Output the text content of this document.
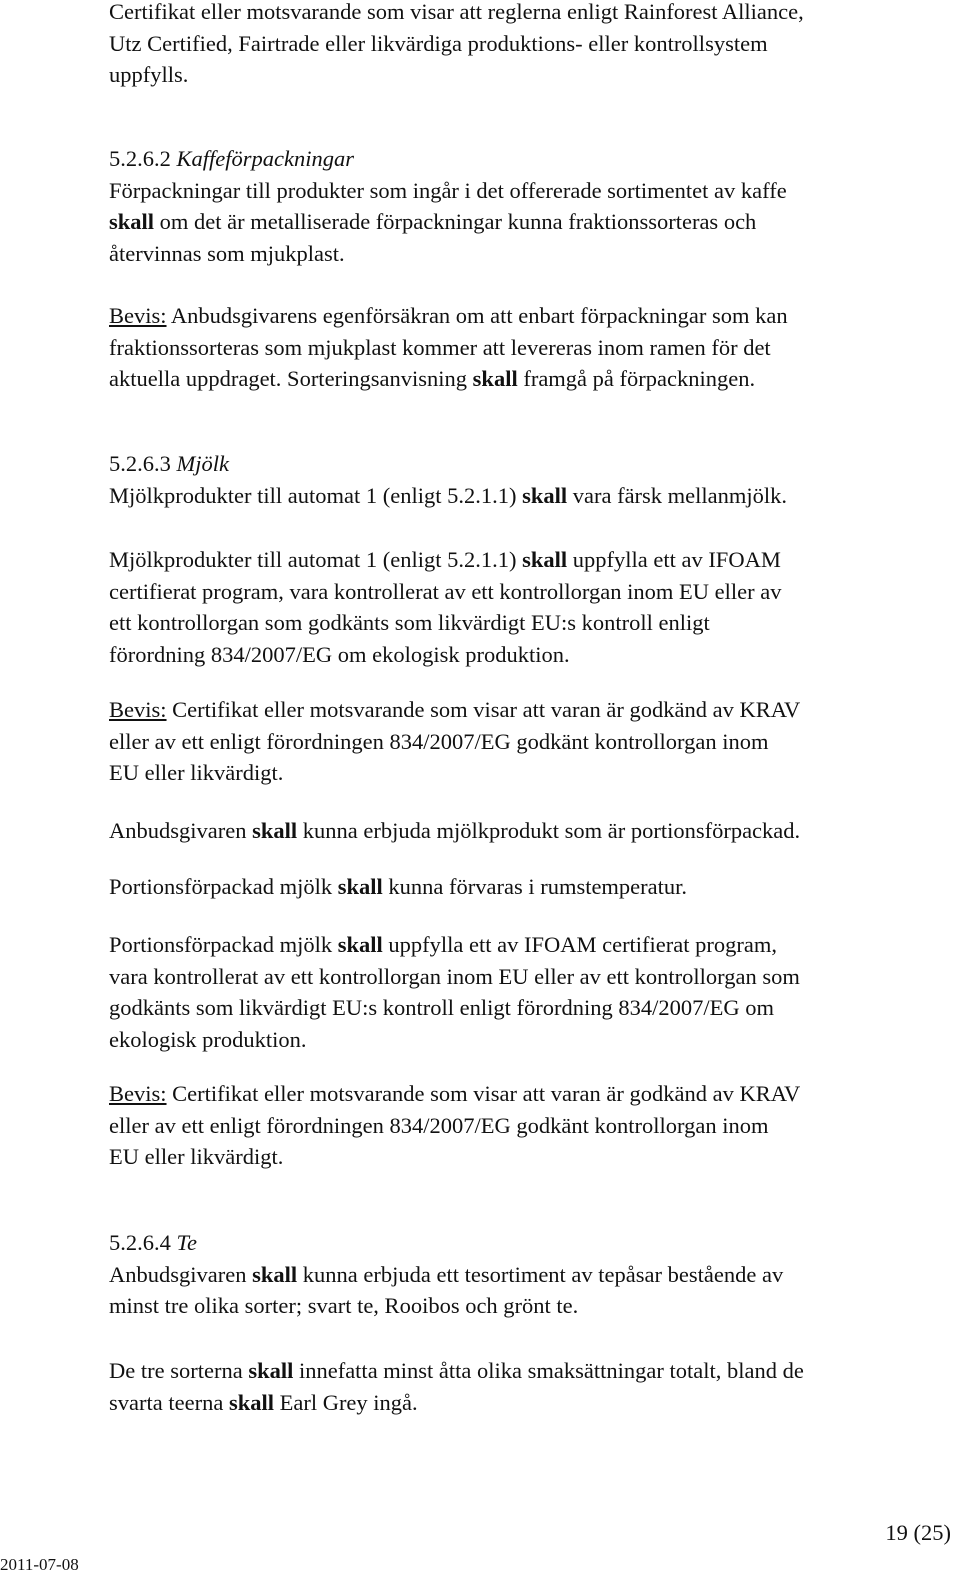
Certifikat eller motsvarande som visar att reglerna enligt Rainforest Alliance,
Utz Certified, Fairtrade eller likvärdiga produktions- eller kontrollsystem
uppfylls.
5.2.6.2 Kaffeförpackningar
Förpackningar till produkter som ingår i det offererade sortimentet av kaffe
skall om det är metalliserade förpackningar kunna fraktionssorteras och
återvinnas som mjukplast.
Bevis: Anbudsgivarens egenförsäkran om att enbart förpackningar som kan
fraktionssorteras som mjukplast kommer att levereras inom ramen för det
aktuella uppdraget. Sorteringsanvisning skall framgå på förpackningen.
5.2.6.3 Mjölk
Mjölkprodukter till automat 1 (enligt 5.2.1.1) skall vara färsk mellanmjölk.
Mjölkprodukter till automat 1 (enligt 5.2.1.1) skall uppfylla ett av IFOAM
certifierat program, vara kontrollerat av ett kontrollorgan inom EU eller av
ett kontrollorgan som godkänts som likvärdigt EU:s kontroll enligt
förordning 834/2007/EG om ekologisk produktion.
Bevis: Certifikat eller motsvarande som visar att varan är godkänd av KRAV
eller av ett enligt förordningen 834/2007/EG godkänt kontrollorgan inom
EU eller likvärdigt.
Anbudsgivaren skall kunna erbjuda mjölkprodukt som är portionsförpackad.
Portionsförpackad mjölk skall kunna förvaras i rumstemperatur.
Portionsförpackad mjölk skall uppfylla ett av IFOAM certifierat program,
vara kontrollerat av ett kontrollorgan inom EU eller av ett kontrollorgan som
godkänts som likvärdigt EU:s kontroll enligt förordning 834/2007/EG om
ekologisk produktion.
Bevis: Certifikat eller motsvarande som visar att varan är godkänd av KRAV
eller av ett enligt förordningen 834/2007/EG godkänt kontrollorgan inom
EU eller likvärdigt.
5.2.6.4 Te
Anbudsgivaren skall kunna erbjuda ett tesortiment av tepåsar bestående av
minst tre olika sorter; svart te, Rooibos och grönt te.
De tre sorterna skall innefatta minst åtta olika smaksättningar totalt, bland de
svarta teerna skall Earl Grey ingå.
19 (25)
2011-07-08
